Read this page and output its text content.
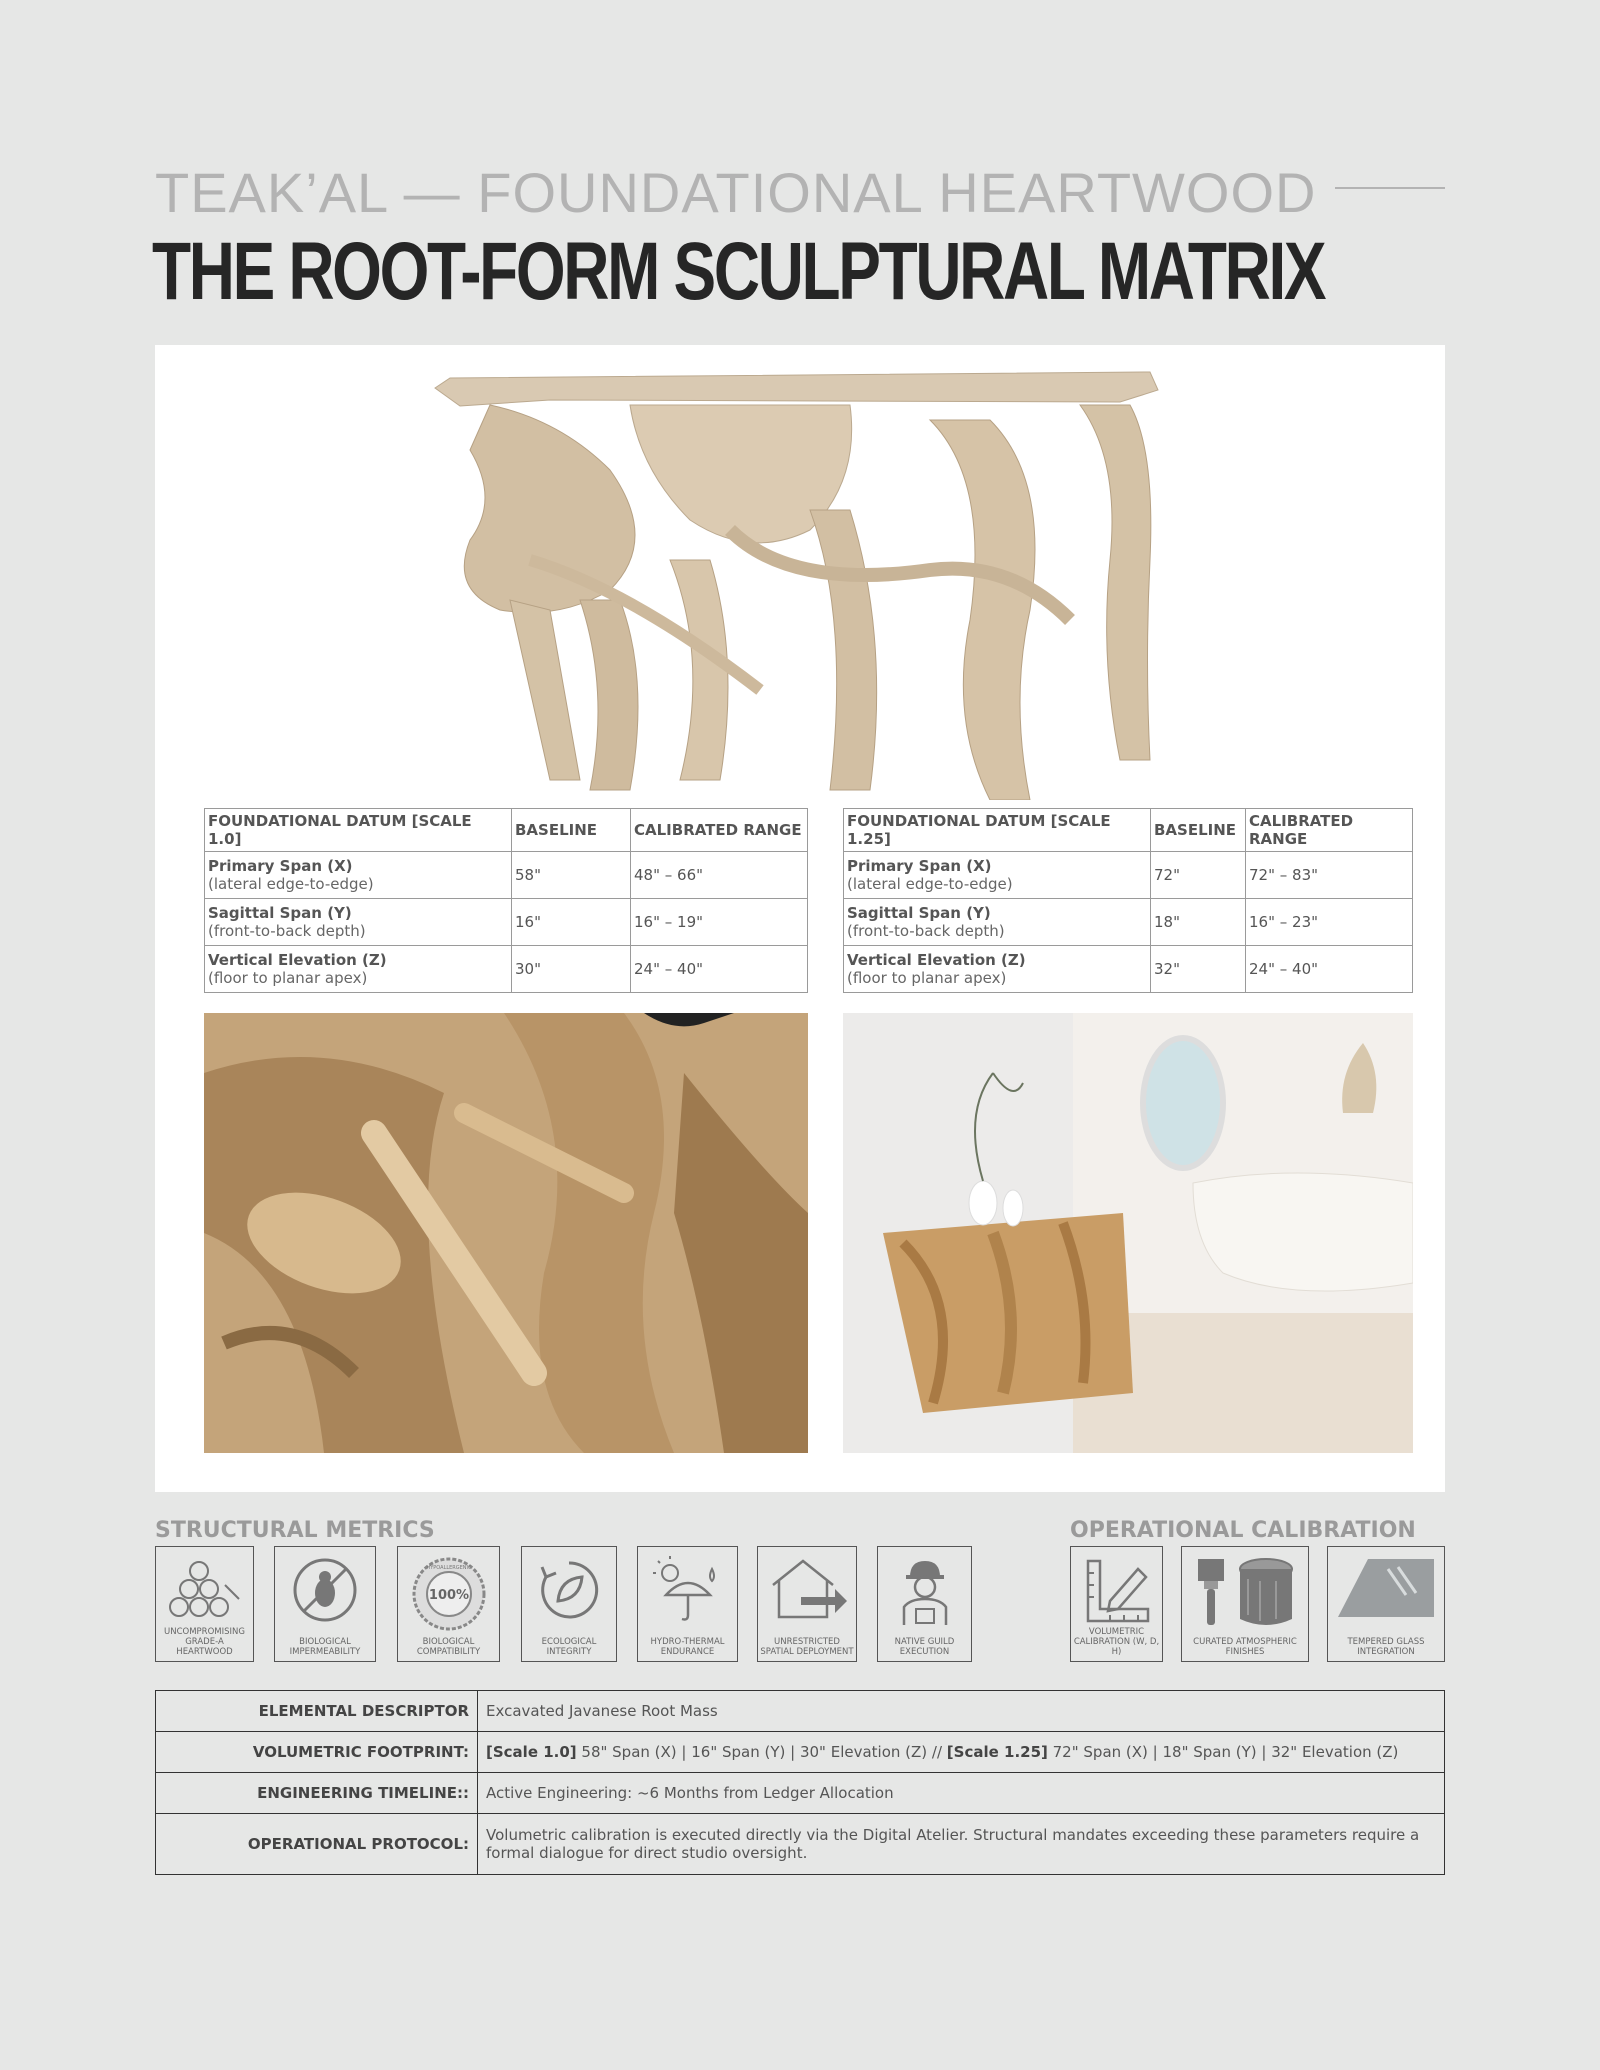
TEAK’AL — FOUNDATIONAL HEARTWOOD
THE ROOT-FORM SCULPTURAL MATRIX
FOUNDATIONAL DATUM [SCALE 1.0]	BASELINE	CALIBRATED RANGE

Primary Span (X)
(lateral edge-to-edge)	58"	48" – 66"

Sagittal Span (Y)
(front-to-back depth)	16"	16" – 19"

Vertical Elevation (Z)
(floor to planar apex)	30"	24" – 40"
FOUNDATIONAL DATUM [SCALE 1.25]	BASELINE	CALIBRATED RANGE

Primary Span (X)
(lateral edge-to-edge)	72"	72" – 83"

Sagittal Span (Y)
(front-to-back depth)	18"	16" – 23"

Vertical Elevation (Z)
(floor to planar apex)	32"	24" – 40"
STRUCTURAL METRICS	OPERATIONAL CALIBRATION
UNCOMPROMISING GRADE-A HEARTWOOD
BIOLOGICAL IMPERMEABILITY
100%
HYPOALLERGENIC
BIOLOGICAL COMPATIBILITY
ECOLOGICAL INTEGRITY
HYDRO-THERMAL ENDURANCE
UNRESTRICTED SPATIAL DEPLOYMENT
NATIVE GUILD EXECUTION
VOLUMETRIC CALIBRATION (W, D, H)
CURATED ATMOSPHERIC FINISHES
TEMPERED GLASS INTEGRATION
ELEMENTAL DESCRIPTOR	Excavated Javanese Root Mass
VOLUMETRIC FOOTPRINT:	[Scale 1.0] 58" Span (X) | 16" Span (Y) | 30" Elevation (Z) // [Scale 1.25] 72" Span (X) | 18" Span (Y) | 32" Elevation (Z)
ENGINEERING TIMELINE::	Active Engineering: ~6 Months from Ledger Allocation
OPERATIONAL PROTOCOL:	Volumetric calibration is executed directly via the Digital Atelier. Structural mandates exceeding these parameters require a formal dialogue for direct studio oversight.
